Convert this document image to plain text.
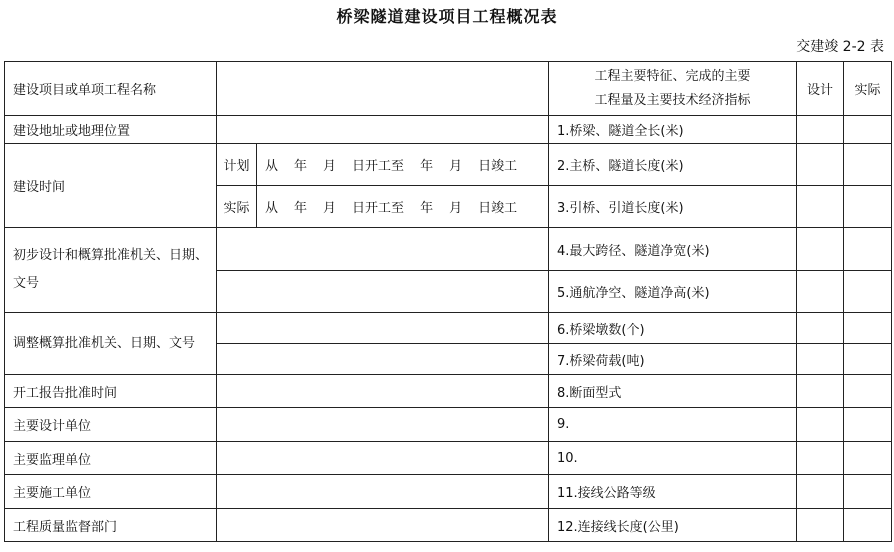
桥梁隧道建设项目工程概况表
交建竣 2-2 表
建设项目或单项工程名称			工程主要特征、完成的主要
工程量及主要技术经济指标	设计	实际
建设地址或地理位置			1.桥梁、隧道全长(米)		
建设时间	计划	从 年 月 日开工至 年 月 日竣工	2.主桥、隧道长度(米)		
	实际	从 年 月 日开工至 年 月 日竣工	3.引桥、引道长度(米)		
初步设计和概算批准机关、日期、文号			4.最大跨径、隧道净宽(米)		
			5.通航净空、隧道净高(米)		
调整概算批准机关、日期、文号			6.桥梁墩数(个)		
			7.桥梁荷载(吨)		
开工报告批准时间			8.断面型式		
主要设计单位			9.		
主要监理单位			10.		
主要施工单位			11.接线公路等级		
工程质量监督部门			12.连接线长度(公里)		
